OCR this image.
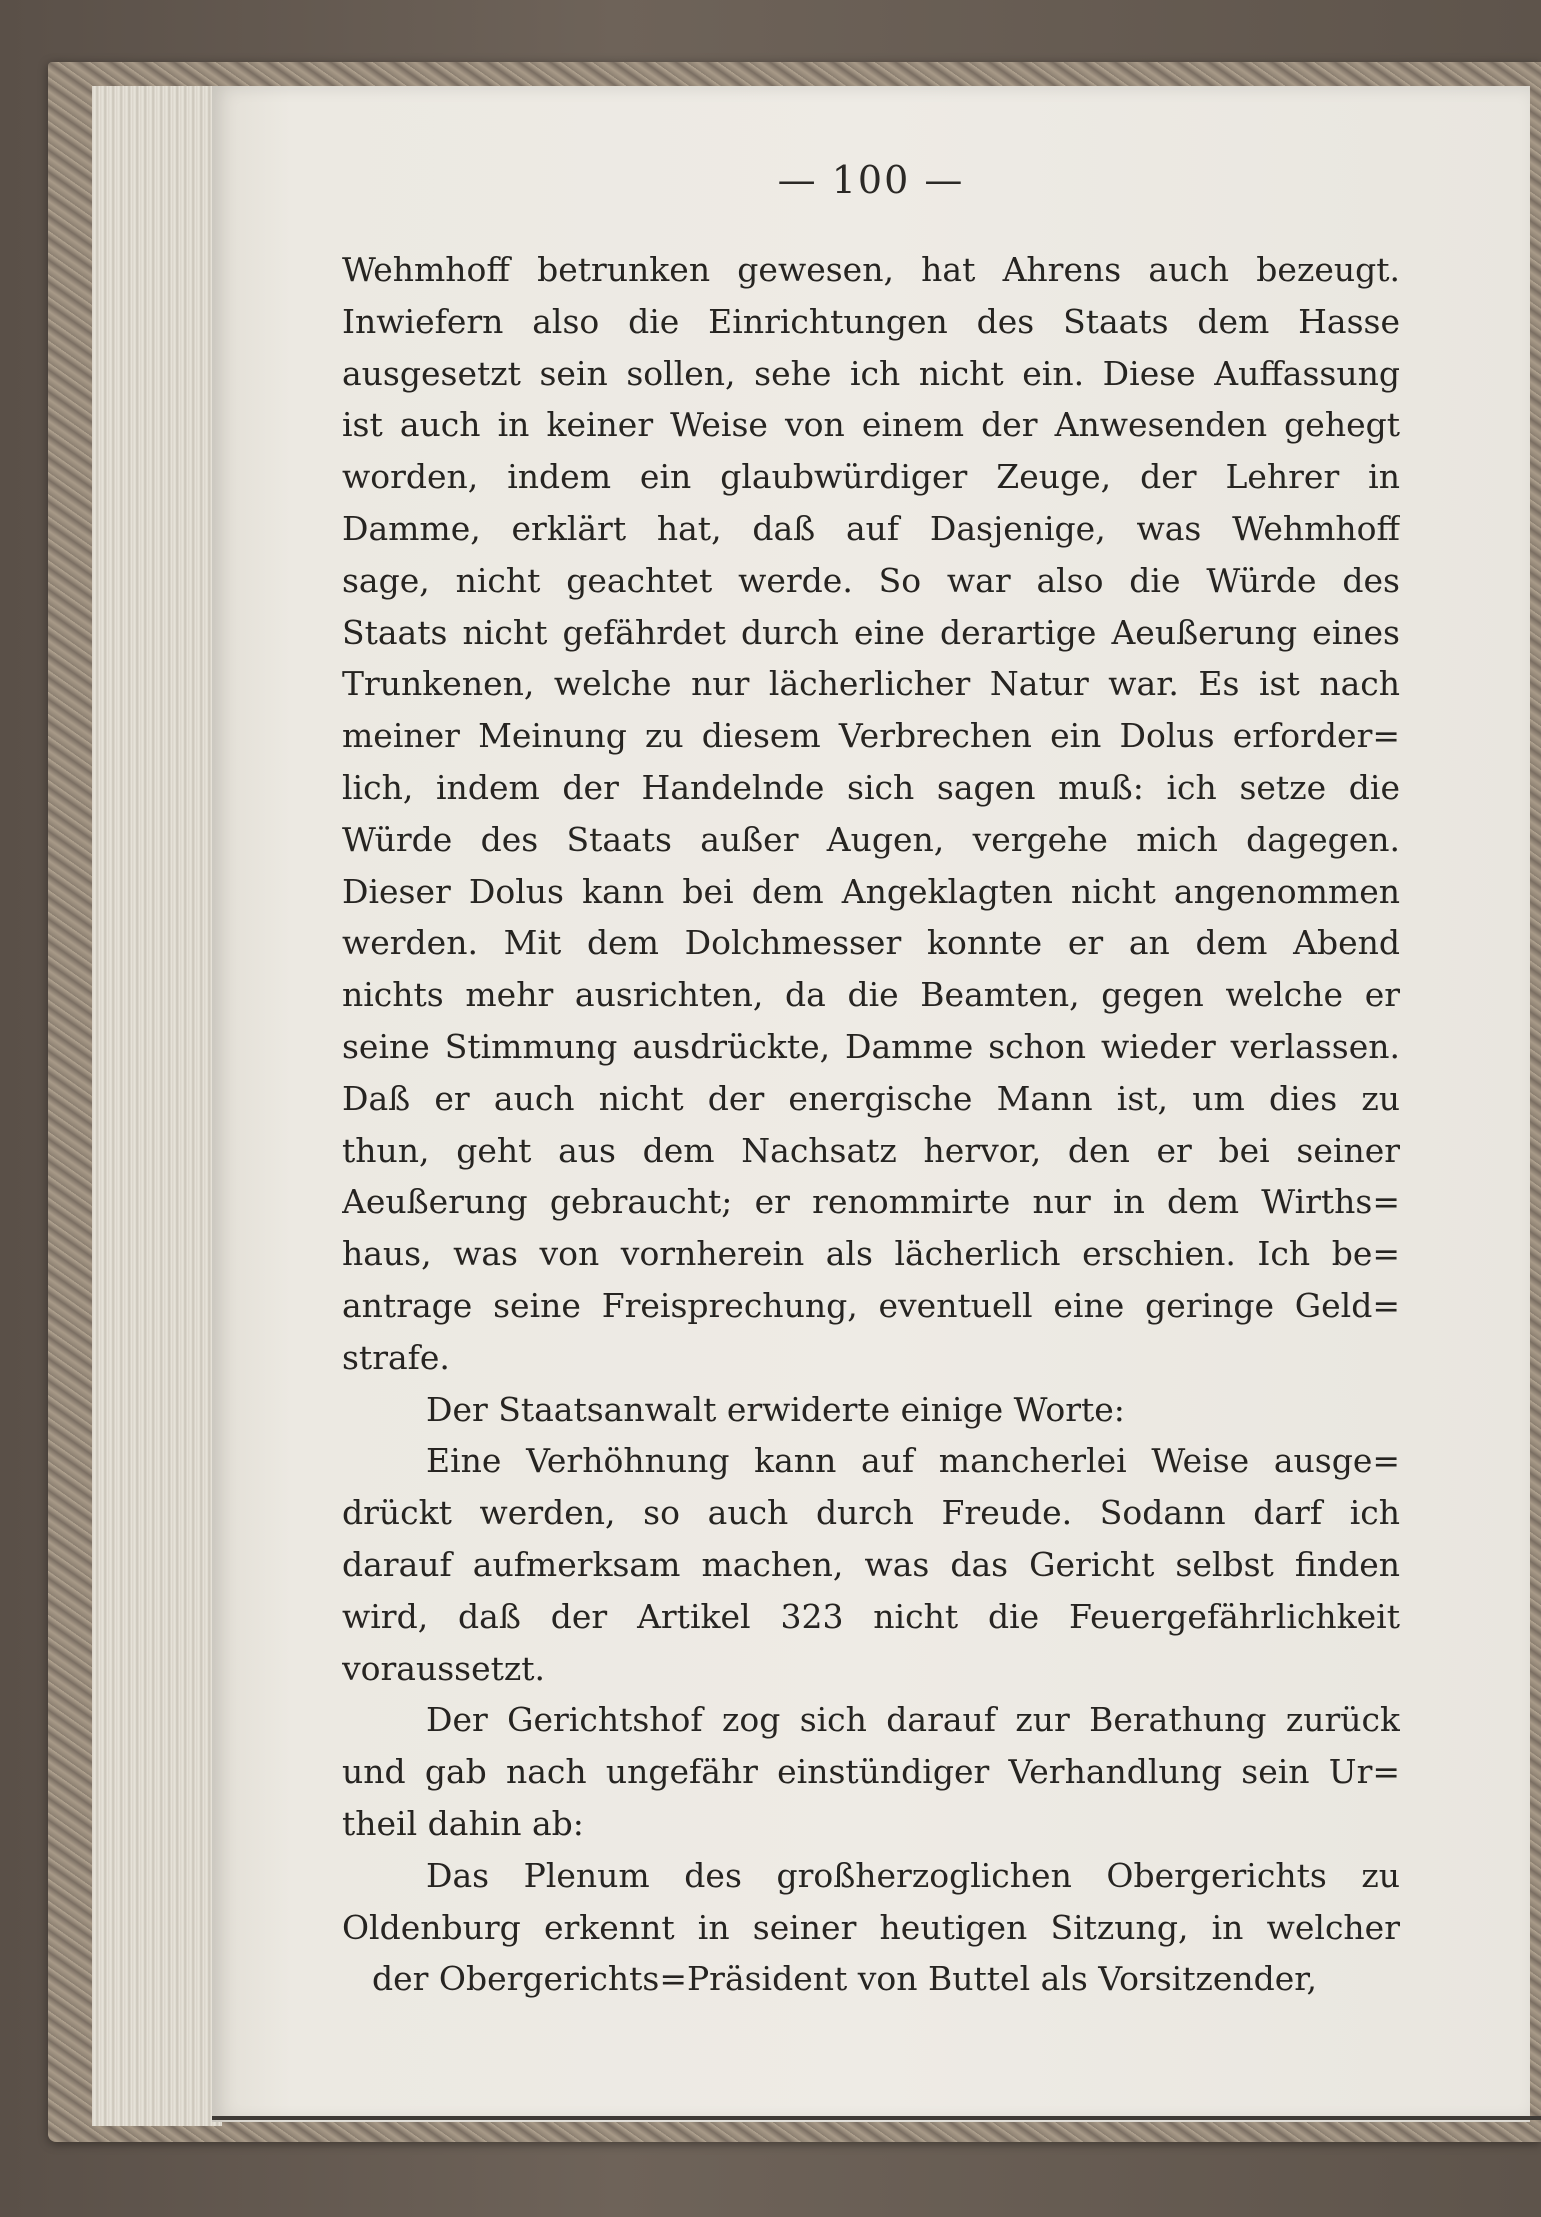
— 100 —
Wehmhoff betrunken gewesen, hat Ahrens auch bezeugt.
Inwiefern also die Einrichtungen des Staats dem Hasse
ausgesetzt sein sollen, sehe ich nicht ein. Diese Auffassung
ist auch in keiner Weise von einem der Anwesenden gehegt
worden, indem ein glaubwürdiger Zeuge, der Lehrer in
Damme, erklärt hat, daß auf Dasjenige, was Wehmhoff
sage, nicht geachtet werde. So war also die Würde des
Staats nicht gefährdet durch eine derartige Aeußerung eines
Trunkenen, welche nur lächerlicher Natur war. Es ist nach
meiner Meinung zu diesem Verbrechen ein Dolus erforder=
lich, indem der Handelnde sich sagen muß: ich setze die
Würde des Staats außer Augen, vergehe mich dagegen.
Dieser Dolus kann bei dem Angeklagten nicht angenommen
werden. Mit dem Dolchmesser konnte er an dem Abend
nichts mehr ausrichten, da die Beamten, gegen welche er
seine Stimmung ausdrückte, Damme schon wieder verlassen.
Daß er auch nicht der energische Mann ist, um dies zu
thun, geht aus dem Nachsatz hervor, den er bei seiner
Aeußerung gebraucht; er renommirte nur in dem Wirths=
haus, was von vornherein als lächerlich erschien. Ich be=
antrage seine Freisprechung, eventuell eine geringe Geld=
strafe.
Der Staatsanwalt erwiderte einige Worte:
Eine Verhöhnung kann auf mancherlei Weise ausge=
drückt werden, so auch durch Freude. Sodann darf ich
darauf aufmerksam machen, was das Gericht selbst finden
wird, daß der Artikel 323 nicht die Feuergefährlichkeit
voraussetzt.
Der Gerichtshof zog sich darauf zur Berathung zurück
und gab nach ungefähr einstündiger Verhandlung sein Ur=
theil dahin ab:
Das Plenum des großherzoglichen Obergerichts zu
Oldenburg erkennt in seiner heutigen Sitzung, in welcher
der Obergerichts=Präsident von Buttel als Vorsitzender,
